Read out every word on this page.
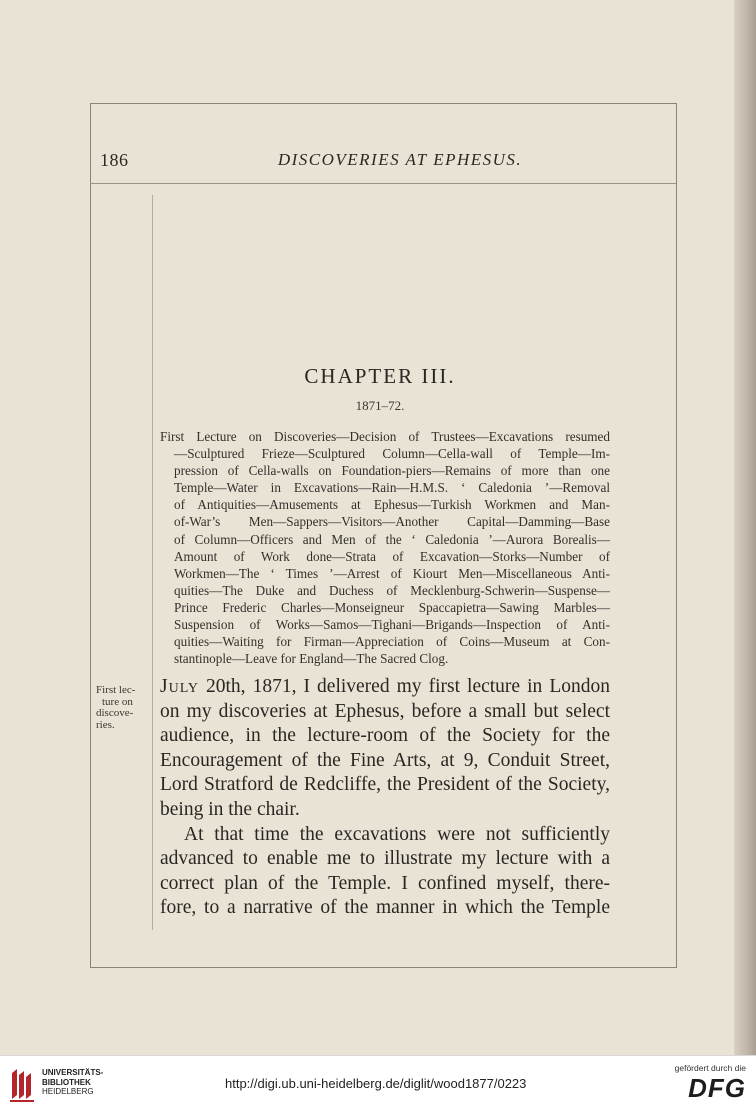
186	DISCOVERIES AT EPHESUS.
CHAPTER III.
1871–72.
First Lecture on Discoveries—Decision of Trustees—Excavations resumed
—Sculptured Frieze—Sculptured Column—Cella-wall of Temple—Im-
pression of Cella-walls on Foundation-piers—Remains of more than one
Temple—Water in Excavations—Rain—H.M.S. ‘ Caledonia ’—Removal
of Antiquities—Amusements at Ephesus—Turkish Workmen and Man-
of-War’s Men—Sappers—Visitors—Another Capital—Damming—Base
of Column—Officers and Men of the ‘ Caledonia ’—Aurora Borealis—
Amount of Work done—Strata of Excavation—Storks—Number of
Workmen—The ‘ Times ’—Arrest of Kiourt Men—Miscellaneous Anti-
quities—The Duke and Duchess of Mecklenburg-Schwerin—Suspense—
Prince Frederic Charles—Monseigneur Spaccapietra—Sawing Marbles—
Suspension of Works—Samos—Tighani—Brigands—Inspection of Anti-
quities—Waiting for Firman—Appreciation of Coins—Museum at Con-
stantinople—Leave for England—The Sacred Clog.
First lec-
ture on
discove-
ries.
July 20th, 1871, I delivered my first lecture in London
on my discoveries at Ephesus, before a small but select
audience, in the lecture-room of the Society for the
Encouragement of the Fine Arts, at 9, Conduit Street,
Lord Stratford de Redcliffe, the President of the Society,
being in the chair.
At that time the excavations were not sufficiently
advanced to enable me to illustrate my lecture with a
correct plan of the Temple. I confined myself, there-
fore, to a narrative of the manner in which the Temple
UNIVERSITÄTS-
BIBLIOTHEK
HEIDELBERG
http://digi.ub.uni-heidelberg.de/diglit/wood1877/0223
gefördert durch die
DFG
